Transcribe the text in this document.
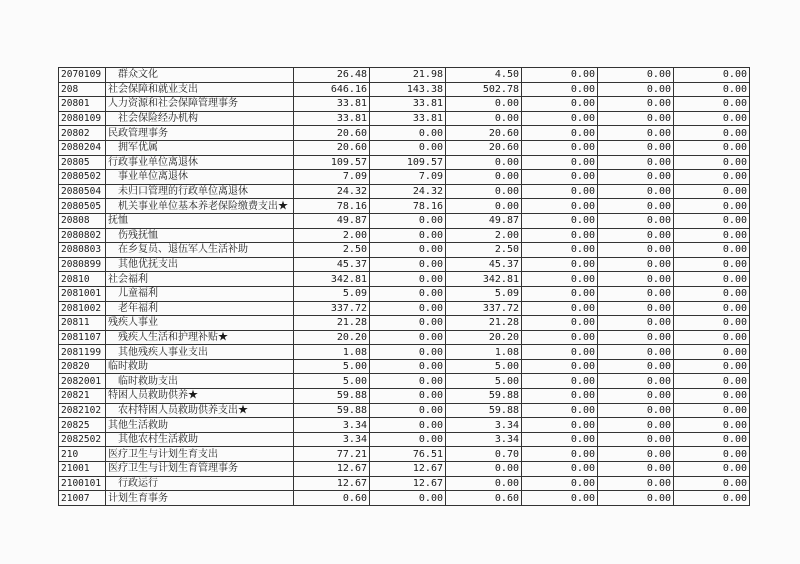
2070109	群众文化	26.48	21.98	4.50	0.00	0.00	0.00
208	社会保障和就业支出	646.16	143.38	502.78	0.00	0.00	0.00
20801	人力资源和社会保障管理事务	33.81	33.81	0.00	0.00	0.00	0.00
2080109	社会保险经办机构	33.81	33.81	0.00	0.00	0.00	0.00
20802	民政管理事务	20.60	0.00	20.60	0.00	0.00	0.00
2080204	拥军优属	20.60	0.00	20.60	0.00	0.00	0.00
20805	行政事业单位离退休	109.57	109.57	0.00	0.00	0.00	0.00
2080502	事业单位离退休	7.09	7.09	0.00	0.00	0.00	0.00
2080504	未归口管理的行政单位离退休	24.32	24.32	0.00	0.00	0.00	0.00
2080505	机关事业单位基本养老保险缴费支出★	78.16	78.16	0.00	0.00	0.00	0.00
20808	抚恤	49.87	0.00	49.87	0.00	0.00	0.00
2080802	伤残抚恤	2.00	0.00	2.00	0.00	0.00	0.00
2080803	在乡复员、退伍军人生活补助	2.50	0.00	2.50	0.00	0.00	0.00
2080899	其他优抚支出	45.37	0.00	45.37	0.00	0.00	0.00
20810	社会福利	342.81	0.00	342.81	0.00	0.00	0.00
2081001	儿童福利	5.09	0.00	5.09	0.00	0.00	0.00
2081002	老年福利	337.72	0.00	337.72	0.00	0.00	0.00
20811	残疾人事业	21.28	0.00	21.28	0.00	0.00	0.00
2081107	残疾人生活和护理补贴★	20.20	0.00	20.20	0.00	0.00	0.00
2081199	其他残疾人事业支出	1.08	0.00	1.08	0.00	0.00	0.00
20820	临时救助	5.00	0.00	5.00	0.00	0.00	0.00
2082001	临时救助支出	5.00	0.00	5.00	0.00	0.00	0.00
20821	特困人员救助供养★	59.88	0.00	59.88	0.00	0.00	0.00
2082102	农村特困人员救助供养支出★	59.88	0.00	59.88	0.00	0.00	0.00
20825	其他生活救助	3.34	0.00	3.34	0.00	0.00	0.00
2082502	其他农村生活救助	3.34	0.00	3.34	0.00	0.00	0.00
210	医疗卫生与计划生育支出	77.21	76.51	0.70	0.00	0.00	0.00
21001	医疗卫生与计划生育管理事务	12.67	12.67	0.00	0.00	0.00	0.00
2100101	行政运行	12.67	12.67	0.00	0.00	0.00	0.00
21007	计划生育事务	0.60	0.00	0.60	0.00	0.00	0.00
